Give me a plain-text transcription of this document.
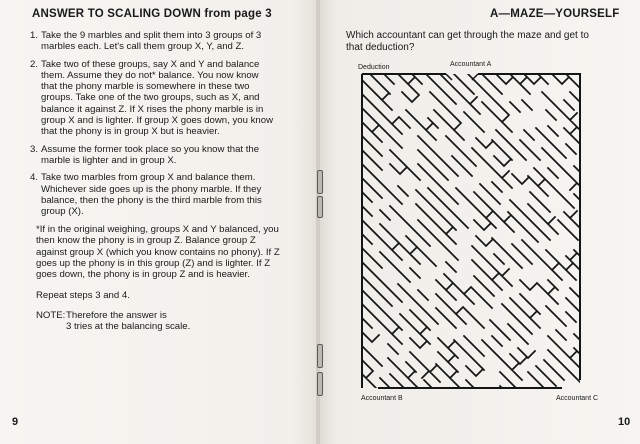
ANSWER TO SCALING DOWN from page 3
1. Take the 9 marbles and split them into 3 groups of 3
marbles each. Let's call them group X, Y, and Z.
2. Take two of these groups, say X and Y and balance
them. Assume they do not* balance. You now know
that the phony marble is somewhere in these two
groups. Take one of the two groups, such as X, and
balance it against Z. If X rises the phony marble is in
group X and is lighter. If group X goes down, you know
that the phony is in group X but is heavier.
3. Assume the former took place so you know that the
marble is lighter and in group X.
4. Take two marbles from group X and balance them.
Whichever side goes up is the phony marble. If they
balance, then the phony is the third marble from this
group (X).
*If in the original weighing, groups X and Y balanced, you
then know the phony is in group Z. Balance group Z
against group X (which you know contains no phony). If Z
goes up the phony is in this group (Z) and is lighter. If Z
goes down, the phony is in group Z and is heavier.
Repeat steps 3 and 4.
NOTE: Therefore the answer is
3 tries at the balancing scale.
9
A—MAZE—YOURSELF
Which accountant can get through the maze and get to
that deduction?
Deduction	Accountant A
Accountant B	Accountant C
10
